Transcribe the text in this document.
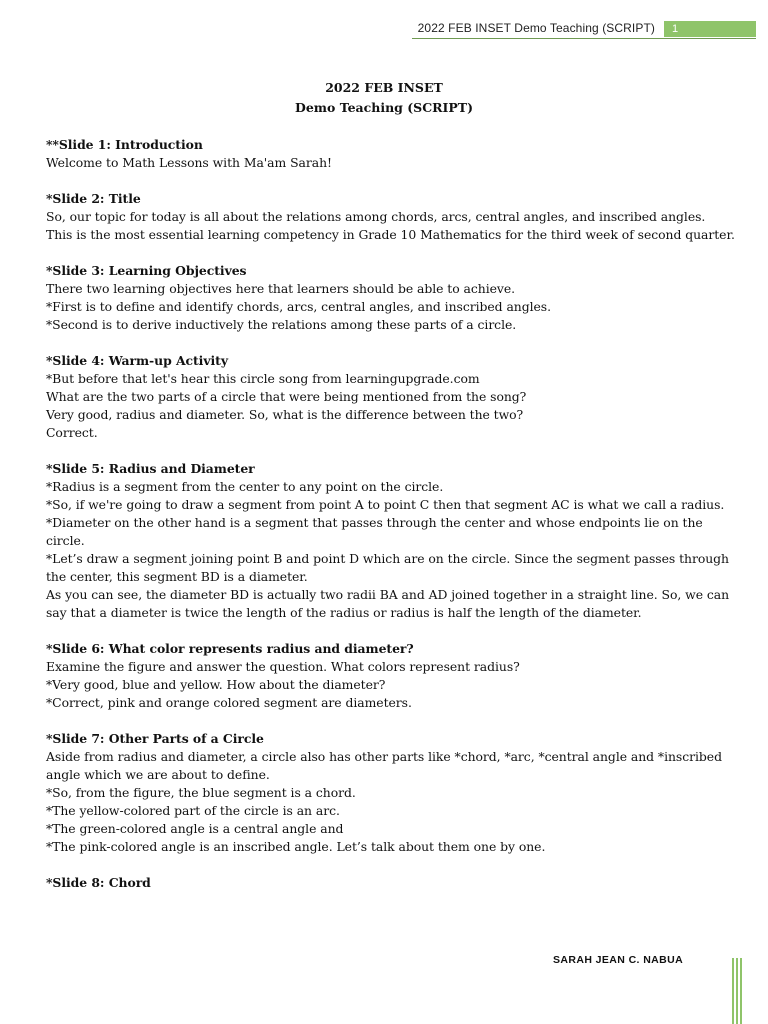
2022 FEB INSET Demo Teaching (SCRIPT)	1
2022 FEB INSET
Demo Teaching (SCRIPT)
**Slide 1: Introduction

Welcome to Math Lessons with Ma'am Sarah!

*Slide 2: Title

So, our topic for today is all about the relations among chords, arcs, central angles, and inscribed angles.

This is the most essential learning competency in Grade 10 Mathematics for the third week of second quarter.

*Slide 3: Learning Objectives

There two learning objectives here that learners should be able to achieve.

*First is to define and identify chords, arcs, central angles, and inscribed angles.

*Second is to derive inductively the relations among these parts of a circle.

*Slide 4: Warm-up Activity

*But before that let's hear this circle song from learningupgrade.com

What are the two parts of a circle that were being mentioned from the song?

Very good, radius and diameter. So, what is the difference between the two?

Correct.

*Slide 5: Radius and Diameter

*Radius is a segment from the center to any point on the circle.

*So, if we're going to draw a segment from point A to point C then that segment AC is what we call a radius.

*Diameter on the other hand is a segment that passes through the center and whose endpoints lie on the circle.

*Let’s draw a segment joining point B and point D which are on the circle. Since the segment passes through the center, this segment BD is a diameter.

As you can see, the diameter BD is actually two radii BA and AD joined together in a straight line. So, we can say that a diameter is twice the length of the radius or radius is half the length of the diameter.

*Slide 6: What color represents radius and diameter?

Examine the figure and answer the question. What colors represent radius?

*Very good, blue and yellow. How about the diameter?

*Correct, pink and orange colored segment are diameters.

*Slide 7: Other Parts of a Circle

Aside from radius and diameter, a circle also has other parts like *chord, *arc, *central angle and *inscribed angle which we are about to define.

*So, from the figure, the blue segment is a chord.

*The yellow-colored part of the circle is an arc.

*The green-colored angle is a central angle and

*The pink-colored angle is an inscribed angle. Let’s talk about them one by one.

*Slide 8: Chord
SARAH JEAN C. NABUA
